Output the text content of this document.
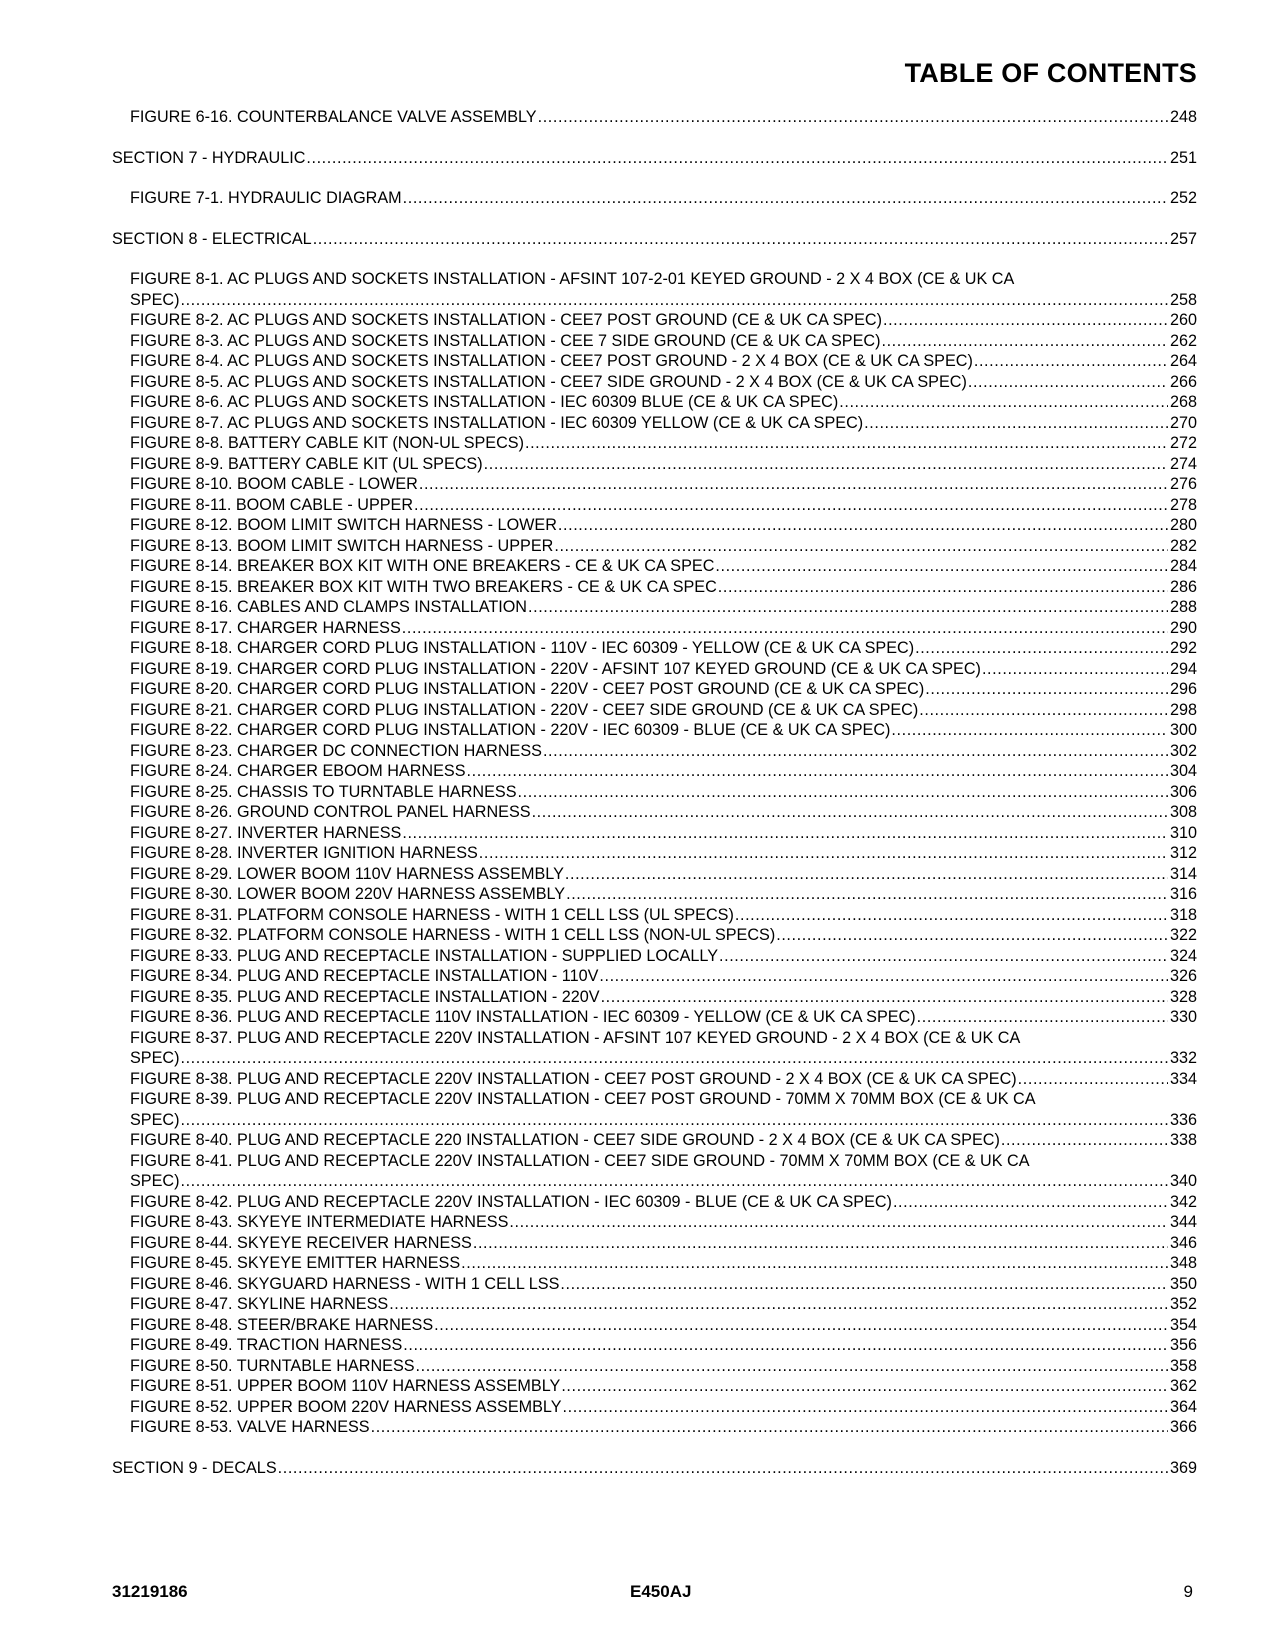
TABLE OF CONTENTS
FIGURE 6-16. COUNTERBALANCE VALVE ASSEMBLY .....	248
SECTION 7 - HYDRAULIC .....	251
FIGURE 7-1. HYDRAULIC DIAGRAM .....	252
SECTION 8 - ELECTRICAL .....	257
FIGURE 8-1. AC PLUGS AND SOCKETS INSTALLATION - AFSINT 107-2-01 KEYED GROUND - 2 X 4 BOX (CE & UK CA
SPEC) .....	258
FIGURE 8-2. AC PLUGS AND SOCKETS INSTALLATION - CEE7 POST GROUND (CE & UK CA SPEC) .....	260
FIGURE 8-3. AC PLUGS AND SOCKETS INSTALLATION - CEE 7 SIDE GROUND (CE & UK CA SPEC) .....	262
FIGURE 8-4. AC PLUGS AND SOCKETS INSTALLATION - CEE7 POST GROUND - 2 X 4 BOX (CE & UK CA SPEC) .....	264
FIGURE 8-5. AC PLUGS AND SOCKETS INSTALLATION - CEE7 SIDE GROUND - 2 X 4 BOX (CE & UK CA SPEC) .....	266
FIGURE 8-6. AC PLUGS AND SOCKETS INSTALLATION - IEC 60309 BLUE (CE & UK CA SPEC) .....	268
FIGURE 8-7. AC PLUGS AND SOCKETS INSTALLATION - IEC 60309 YELLOW (CE & UK CA SPEC) .....	270
FIGURE 8-8. BATTERY CABLE KIT (NON-UL SPECS) .....	272
FIGURE 8-9. BATTERY CABLE KIT (UL SPECS) .....	274
FIGURE 8-10. BOOM CABLE - LOWER .....	276
FIGURE 8-11. BOOM CABLE - UPPER .....	278
FIGURE 8-12. BOOM LIMIT SWITCH HARNESS - LOWER .....	280
FIGURE 8-13. BOOM LIMIT SWITCH HARNESS - UPPER .....	282
FIGURE 8-14. BREAKER BOX KIT WITH ONE BREAKERS - CE & UK CA SPEC .....	284
FIGURE 8-15. BREAKER BOX KIT WITH TWO BREAKERS - CE & UK CA SPEC .....	286
FIGURE 8-16. CABLES AND CLAMPS INSTALLATION .....	288
FIGURE 8-17. CHARGER HARNESS .....	290
FIGURE 8-18. CHARGER CORD PLUG INSTALLATION - 110V - IEC 60309 - YELLOW (CE & UK CA SPEC) .....	292
FIGURE 8-19. CHARGER CORD PLUG INSTALLATION - 220V - AFSINT 107 KEYED GROUND (CE & UK CA SPEC) .....	294
FIGURE 8-20. CHARGER CORD PLUG INSTALLATION - 220V - CEE7 POST GROUND (CE & UK CA SPEC) .....	296
FIGURE 8-21. CHARGER CORD PLUG INSTALLATION - 220V - CEE7 SIDE GROUND (CE & UK CA SPEC) .....	298
FIGURE 8-22. CHARGER CORD PLUG INSTALLATION - 220V - IEC 60309 - BLUE (CE & UK CA SPEC) .....	300
FIGURE 8-23. CHARGER DC CONNECTION HARNESS .....	302
FIGURE 8-24. CHARGER EBOOM HARNESS .....	304
FIGURE 8-25. CHASSIS TO TURNTABLE HARNESS .....	306
FIGURE 8-26. GROUND CONTROL PANEL HARNESS .....	308
FIGURE 8-27. INVERTER HARNESS .....	310
FIGURE 8-28. INVERTER IGNITION HARNESS .....	312
FIGURE 8-29. LOWER BOOM 110V HARNESS ASSEMBLY .....	314
FIGURE 8-30. LOWER BOOM 220V HARNESS ASSEMBLY .....	316
FIGURE 8-31. PLATFORM CONSOLE HARNESS - WITH 1 CELL LSS (UL SPECS) .....	318
FIGURE 8-32. PLATFORM CONSOLE HARNESS - WITH 1 CELL LSS (NON-UL SPECS) .....	322
FIGURE 8-33. PLUG AND RECEPTACLE INSTALLATION - SUPPLIED LOCALLY .....	324
FIGURE 8-34. PLUG AND RECEPTACLE INSTALLATION - 110V .....	326
FIGURE 8-35. PLUG AND RECEPTACLE INSTALLATION - 220V .....	328
FIGURE 8-36. PLUG AND RECEPTACLE 110V INSTALLATION - IEC 60309 - YELLOW (CE & UK CA SPEC) .....	330
FIGURE 8-37. PLUG AND RECEPTACLE 220V INSTALLATION - AFSINT 107 KEYED GROUND - 2 X 4 BOX (CE & UK CA
SPEC) .....	332
FIGURE 8-38. PLUG AND RECEPTACLE 220V INSTALLATION - CEE7 POST GROUND - 2 X 4 BOX (CE & UK CA SPEC) .....	334
FIGURE 8-39. PLUG AND RECEPTACLE 220V INSTALLATION - CEE7 POST GROUND - 70MM X 70MM BOX (CE & UK CA
SPEC) .....	336
FIGURE 8-40. PLUG AND RECEPTACLE 220 INSTALLATION - CEE7 SIDE GROUND - 2 X 4 BOX (CE & UK CA SPEC) .....	338
FIGURE 8-41. PLUG AND RECEPTACLE 220V INSTALLATION - CEE7 SIDE GROUND - 70MM X 70MM BOX (CE & UK CA
SPEC) .....	340
FIGURE 8-42. PLUG AND RECEPTACLE 220V INSTALLATION - IEC 60309 - BLUE (CE & UK CA SPEC) .....	342
FIGURE 8-43. SKYEYE INTERMEDIATE HARNESS .....	344
FIGURE 8-44. SKYEYE RECEIVER HARNESS .....	346
FIGURE 8-45. SKYEYE EMITTER HARNESS .....	348
FIGURE 8-46. SKYGUARD HARNESS - WITH 1 CELL LSS .....	350
FIGURE 8-47. SKYLINE HARNESS .....	352
FIGURE 8-48. STEER/BRAKE HARNESS .....	354
FIGURE 8-49. TRACTION HARNESS .....	356
FIGURE 8-50. TURNTABLE HARNESS .....	358
FIGURE 8-51. UPPER BOOM 110V HARNESS ASSEMBLY .....	362
FIGURE 8-52. UPPER BOOM 220V HARNESS ASSEMBLY .....	364
FIGURE 8-53. VALVE HARNESS .....	366
SECTION 9 - DECALS .....	369
31219186	E450AJ	9
